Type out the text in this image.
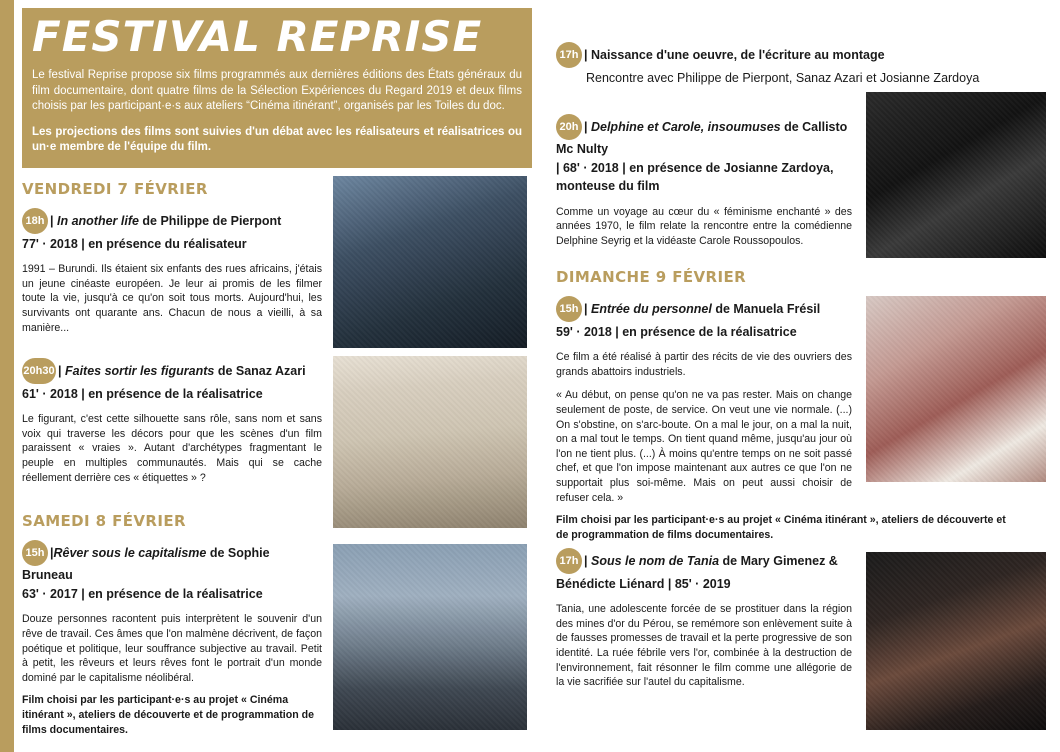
FESTIVAL REPRISE

Le festival Reprise propose six films programmés aux dernières éditions des États généraux du film documentaire, dont quatre films de la Sélection Expériences du Regard 2019 et deux films choisis par les participant·e·s aux ateliers “Cinéma itinérant”, organisés par les Toiles du doc.

Les projections des films sont suivies d'un débat avec les réalisateurs et réalisatrices ou un·e membre de l'équipe du film.

VENDREDI 7 FÉVRIER
18h | In another life de Philippe de Pierpont
77' · 2018 | en présence du réalisateur
1991 – Burundi. Ils étaient six enfants des rues africains, j'étais un jeune cinéaste européen. Je leur ai promis de les filmer toute la vie, jusqu'à ce qu'on soit tous morts. Aujourd'hui, les survivants ont quarante ans. Chacun de nous a vieilli, à sa manière...
20h30 | Faites sortir les figurants de Sanaz Azari
61' · 2018 | en présence de la réalisatrice
Le figurant, c'est cette silhouette sans rôle, sans nom et sans voix qui traverse les décors pour que les scènes d'un film paraissent « vraies ». Autant d'archétypes fragmentant le peuple en multiples communautés. Mais qui se cache réellement derrière ces « étiquettes » ?
SAMEDI 8 FÉVRIER
15h |Rêver sous le capitalisme de Sophie Bruneau
63' · 2017 | en présence de la réalisatrice
Douze personnes racontent puis interprètent le souvenir d'un rêve de travail. Ces âmes que l'on malmène décrivent, de façon poétique et politique, leur souffrance subjective au travail. Petit à petit, les rêveurs et leurs rêves font le portrait d'un monde dominé par le capitalisme néolibéral.
Film choisi par les participant·e·s au projet « Cinéma itinérant », ateliers de découverte et de programmation de films documentaires.
17h | Naissance d'une oeuvre, de l'écriture au montage
Rencontre avec Philippe de Pierpont, Sanaz Azari et Josianne Zardoya
20h | Delphine et Carole, insoumuses de Callisto Mc Nulty
| 68' · 2018 | en présence de Josianne Zardoya, monteuse du film
Comme un voyage au cœur du « féminisme enchanté » des années 1970, le film relate la rencontre entre la comédienne Delphine Seyrig et la vidéaste Carole Roussopoulos.
DIMANCHE 9 FÉVRIER
15h | Entrée du personnel de Manuela Frésil
59' · 2018 | en présence de la réalisatrice
Ce film a été réalisé à partir des récits de vie des ouvriers des grands abattoirs industriels.
« Au début, on pense qu'on ne va pas rester. Mais on change seulement de poste, de service. On veut une vie normale. (...) On s'obstine, on s'arc-boute. On a mal le jour, on a mal la nuit, on a mal tout le temps. On tient quand même, jusqu'au jour où l'on ne tient plus. (...) À moins qu'entre temps on ne soit passé chef, et que l'on impose maintenant aux autres ce que l'on ne supportait plus soi-même. Mais on peut aussi choisir de refuser cela. »
Film choisi par les participant·e·s au projet « Cinéma itinérant », ateliers de découverte et de programmation de films documentaires.
17h | Sous le nom de Tania de Mary Gimenez &
Bénédicte Liénard | 85' · 2019
Tania, une adolescente forcée de se prostituer dans la région des mines d'or du Pérou, se remémore son enlèvement suite à de fausses promesses de travail et la perte progressive de son identité. La ruée fébrile vers l'or, combinée à la destruction de l'environnement, fait résonner le film comme une allégorie de la vie sacrifiée sur l'autel du capitalisme.
